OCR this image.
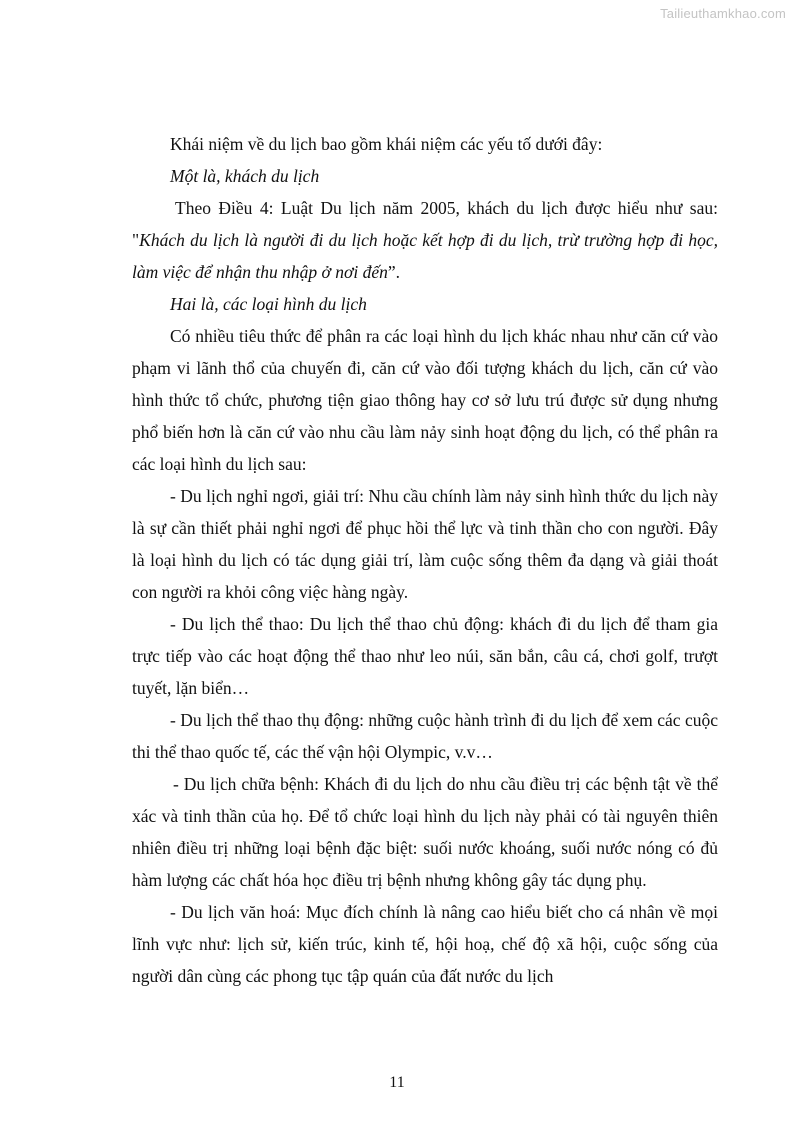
Tailieuthamkhao.com

Khái niệm về du lịch bao gồm khái niệm các yếu tố dưới đây:

Một là, khách du lịch

Theo Điều 4: Luật Du lịch năm 2005, khách du lịch được hiểu như sau: "Khách du lịch là người đi du lịch hoặc kết hợp đi du lịch, trừ trường hợp đi học, làm việc để nhận thu nhập ở nơi đến”.

Hai là, các loại hình du lịch

Có nhiều tiêu thức để phân ra các loại hình du lịch khác nhau như căn cứ vào phạm vi lãnh thổ của chuyến đi, căn cứ vào đối tượng khách du lịch, căn cứ vào hình thức tổ chức, phương tiện giao thông hay cơ sở lưu trú được sử dụng nhưng phổ biến hơn là căn cứ vào nhu cầu làm nảy sinh hoạt động du lịch, có thể phân ra các loại hình du lịch sau:

- Du lịch nghỉ ngơi, giải trí: Nhu cầu chính làm nảy sinh hình thức du lịch này là sự cần thiết phải nghỉ ngơi để phục hồi thể lực và tinh thần cho con người. Đây là loại hình du lịch có tác dụng giải trí, làm cuộc sống thêm đa dạng và giải thoát con người ra khỏi công việc hàng ngày.

- Du lịch thể thao: Du lịch thể thao chủ động: khách đi du lịch để tham gia trực tiếp vào các hoạt động thể thao như leo núi, săn bắn, câu cá, chơi golf, trượt tuyết, lặn biển…

- Du lịch thể thao thụ động: những cuộc hành trình đi du lịch để xem các cuộc thi thể thao quốc tế, các thế vận hội Olympic, v.v…

- Du lịch chữa bệnh: Khách đi du lịch do nhu cầu điều trị các bệnh tật về thể xác và tinh thần của họ. Để tổ chức loại hình du lịch này phải có tài nguyên thiên nhiên điều trị những loại bệnh đặc biệt: suối nước khoáng, suối nước nóng có đủ hàm lượng các chất hóa học điều trị bệnh nhưng không gây tác dụng phụ.

- Du lịch văn hoá: Mục đích chính là nâng cao hiểu biết cho cá nhân về mọi lĩnh vực như: lịch sử, kiến trúc, kinh tế, hội hoạ, chế độ xã hội, cuộc sống của người dân cùng các phong tục tập quán của đất nước du lịch

11
